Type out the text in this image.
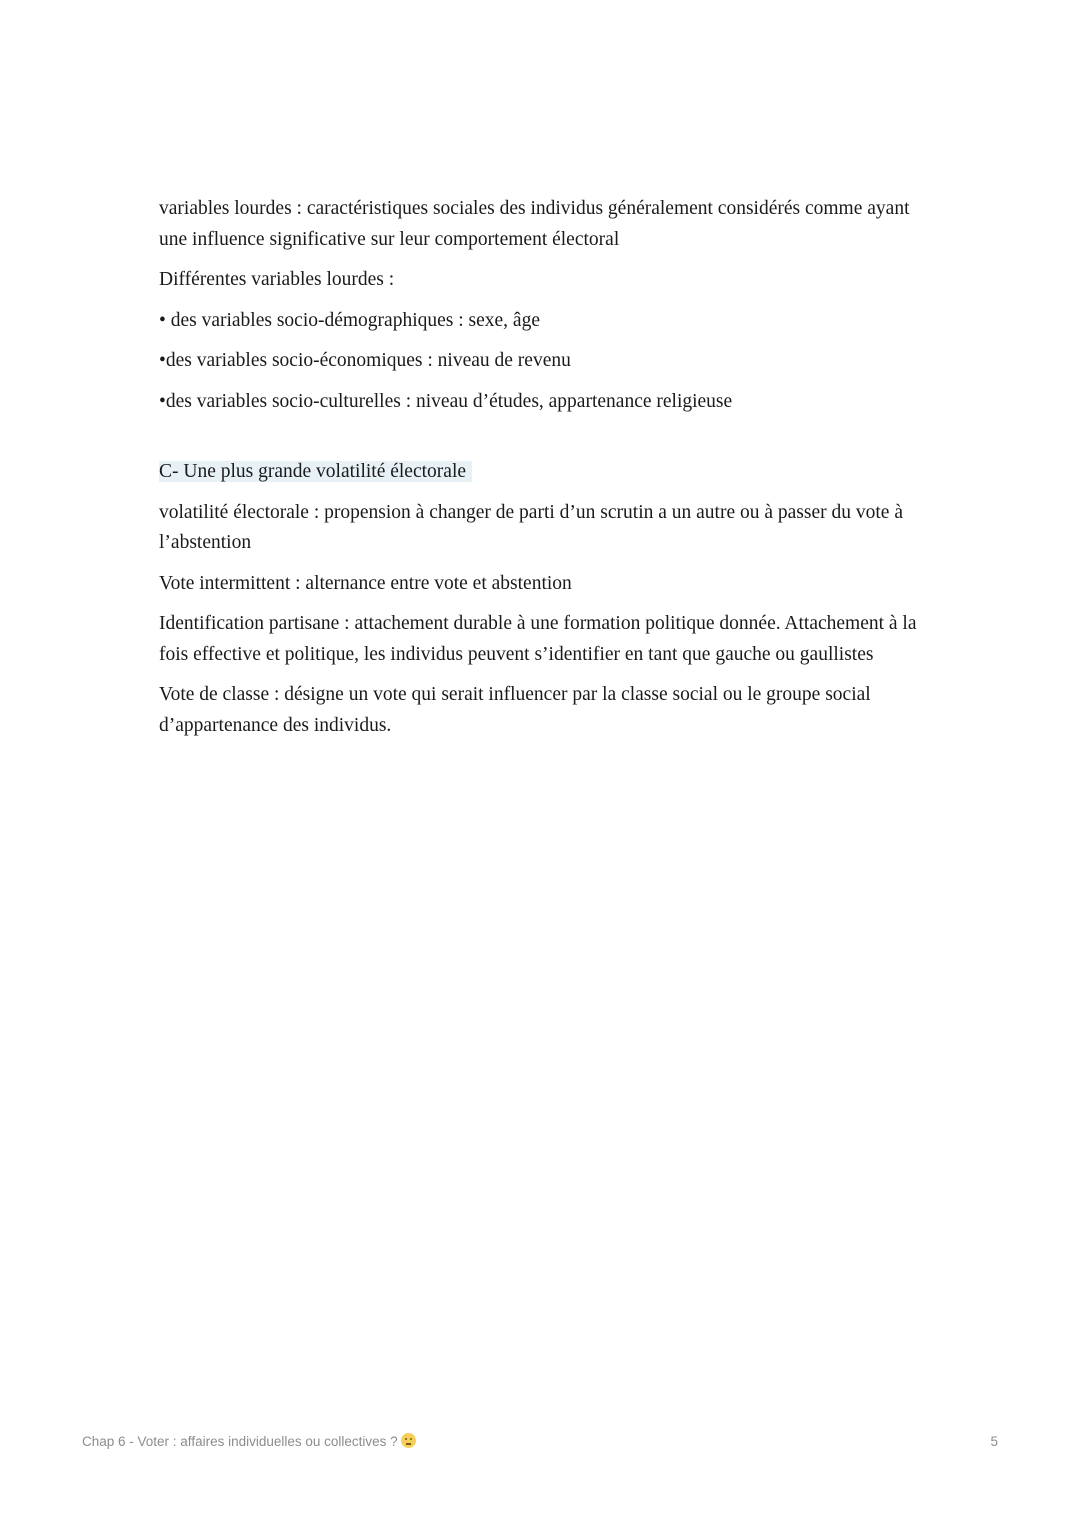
variables lourdes : caractéristiques sociales des individus généralement considérés comme ayant une influence significative sur leur comportement électoral

Différentes variables lourdes :

• des variables socio-démographiques : sexe, âge

•des variables socio-économiques : niveau de revenu

•des variables socio-culturelles : niveau d’études, appartenance religieuse

C- Une plus grande volatilité électorale

volatilité électorale : propension à changer de parti d’un scrutin a un autre ou à passer du vote à l’abstention

Vote intermittent : alternance entre vote et abstention

Identification partisane : attachement durable à une formation politique donnée. Attachement à la fois effective et politique, les individus peuvent s’identifier en tant que gauche ou gaullistes

Vote de classe : désigne un vote qui serait influencer par la classe social ou le groupe social d’appartenance des individus.

Chap 6 - Voter : affaires individuelles ou collectives ?	5
